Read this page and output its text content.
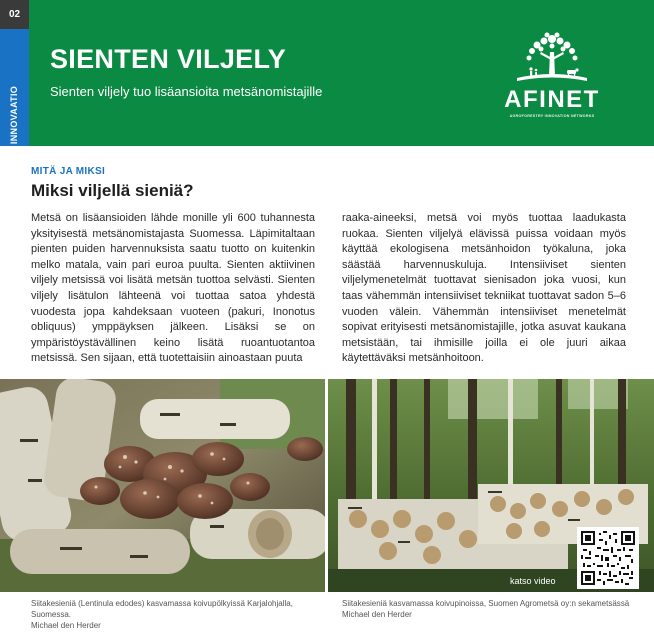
02
INNOVAATIO
SIENTEN VILJELY
Sienten viljely tuo lisäansioita metsänomistajille	AFINET
AGROFORESTRY INNOVATION NETWORKS
MITÄ JA MIKSI
Miksi viljellä sieniä?
Metsä on lisäansioiden lähde monille yli 600 tuhannesta yksityisestä metsänomistajasta Suomessa. Läpimitaltaan pienten puiden harvennuksista saatu tuotto on kuitenkin melko matala, vain pari euroa puulta. Sienten aktiivinen viljely metsissä voi lisätä metsän tuottoa selvästi. Sienten viljely lisätulon lähteenä voi tuottaa satoa yhdestä vuodesta jopa kahdeksaan vuoteen (pakuri, Inonotus obliquus) ymppäyksen jälkeen. Lisäksi se on ympäristöystävällinen keino lisätä ruoantuotantoa metsissä. Sen sijaan, että tuotettaisiin ainoastaan puuta
raaka-aineeksi, metsä voi myös tuottaa laadukasta ruokaa. Sienten viljelyä elävissä puissa voidaan myös käyttää ekologisena metsänhoidon työkaluna, joka säästää harvennuskuluja. Intensiiviset sienten viljelymenetelmät tuottavat sienisadon joka vuosi, kun taas vähemmän intensiiviset tekniikat tuottavat sadon 5–6 vuoden välein. Vähemmän intensiiviset menetelmät sopivat erityisesti metsänomistajille, jotka asuvat kaukana metsistään, tai ihmisille joilla ei ole juuri aikaa käytettäväksi metsänhoitoon.
katso video
Siitakesieniä (Lentinula edodes) kasvamassa koivupölkyissä Karjalohjalla, Suomessa.
Michael den Herder
Siitakesieniä kasvamassa koivupinoissa, Suomen Agrometsä oy:n sekametsässä
Michael den Herder
